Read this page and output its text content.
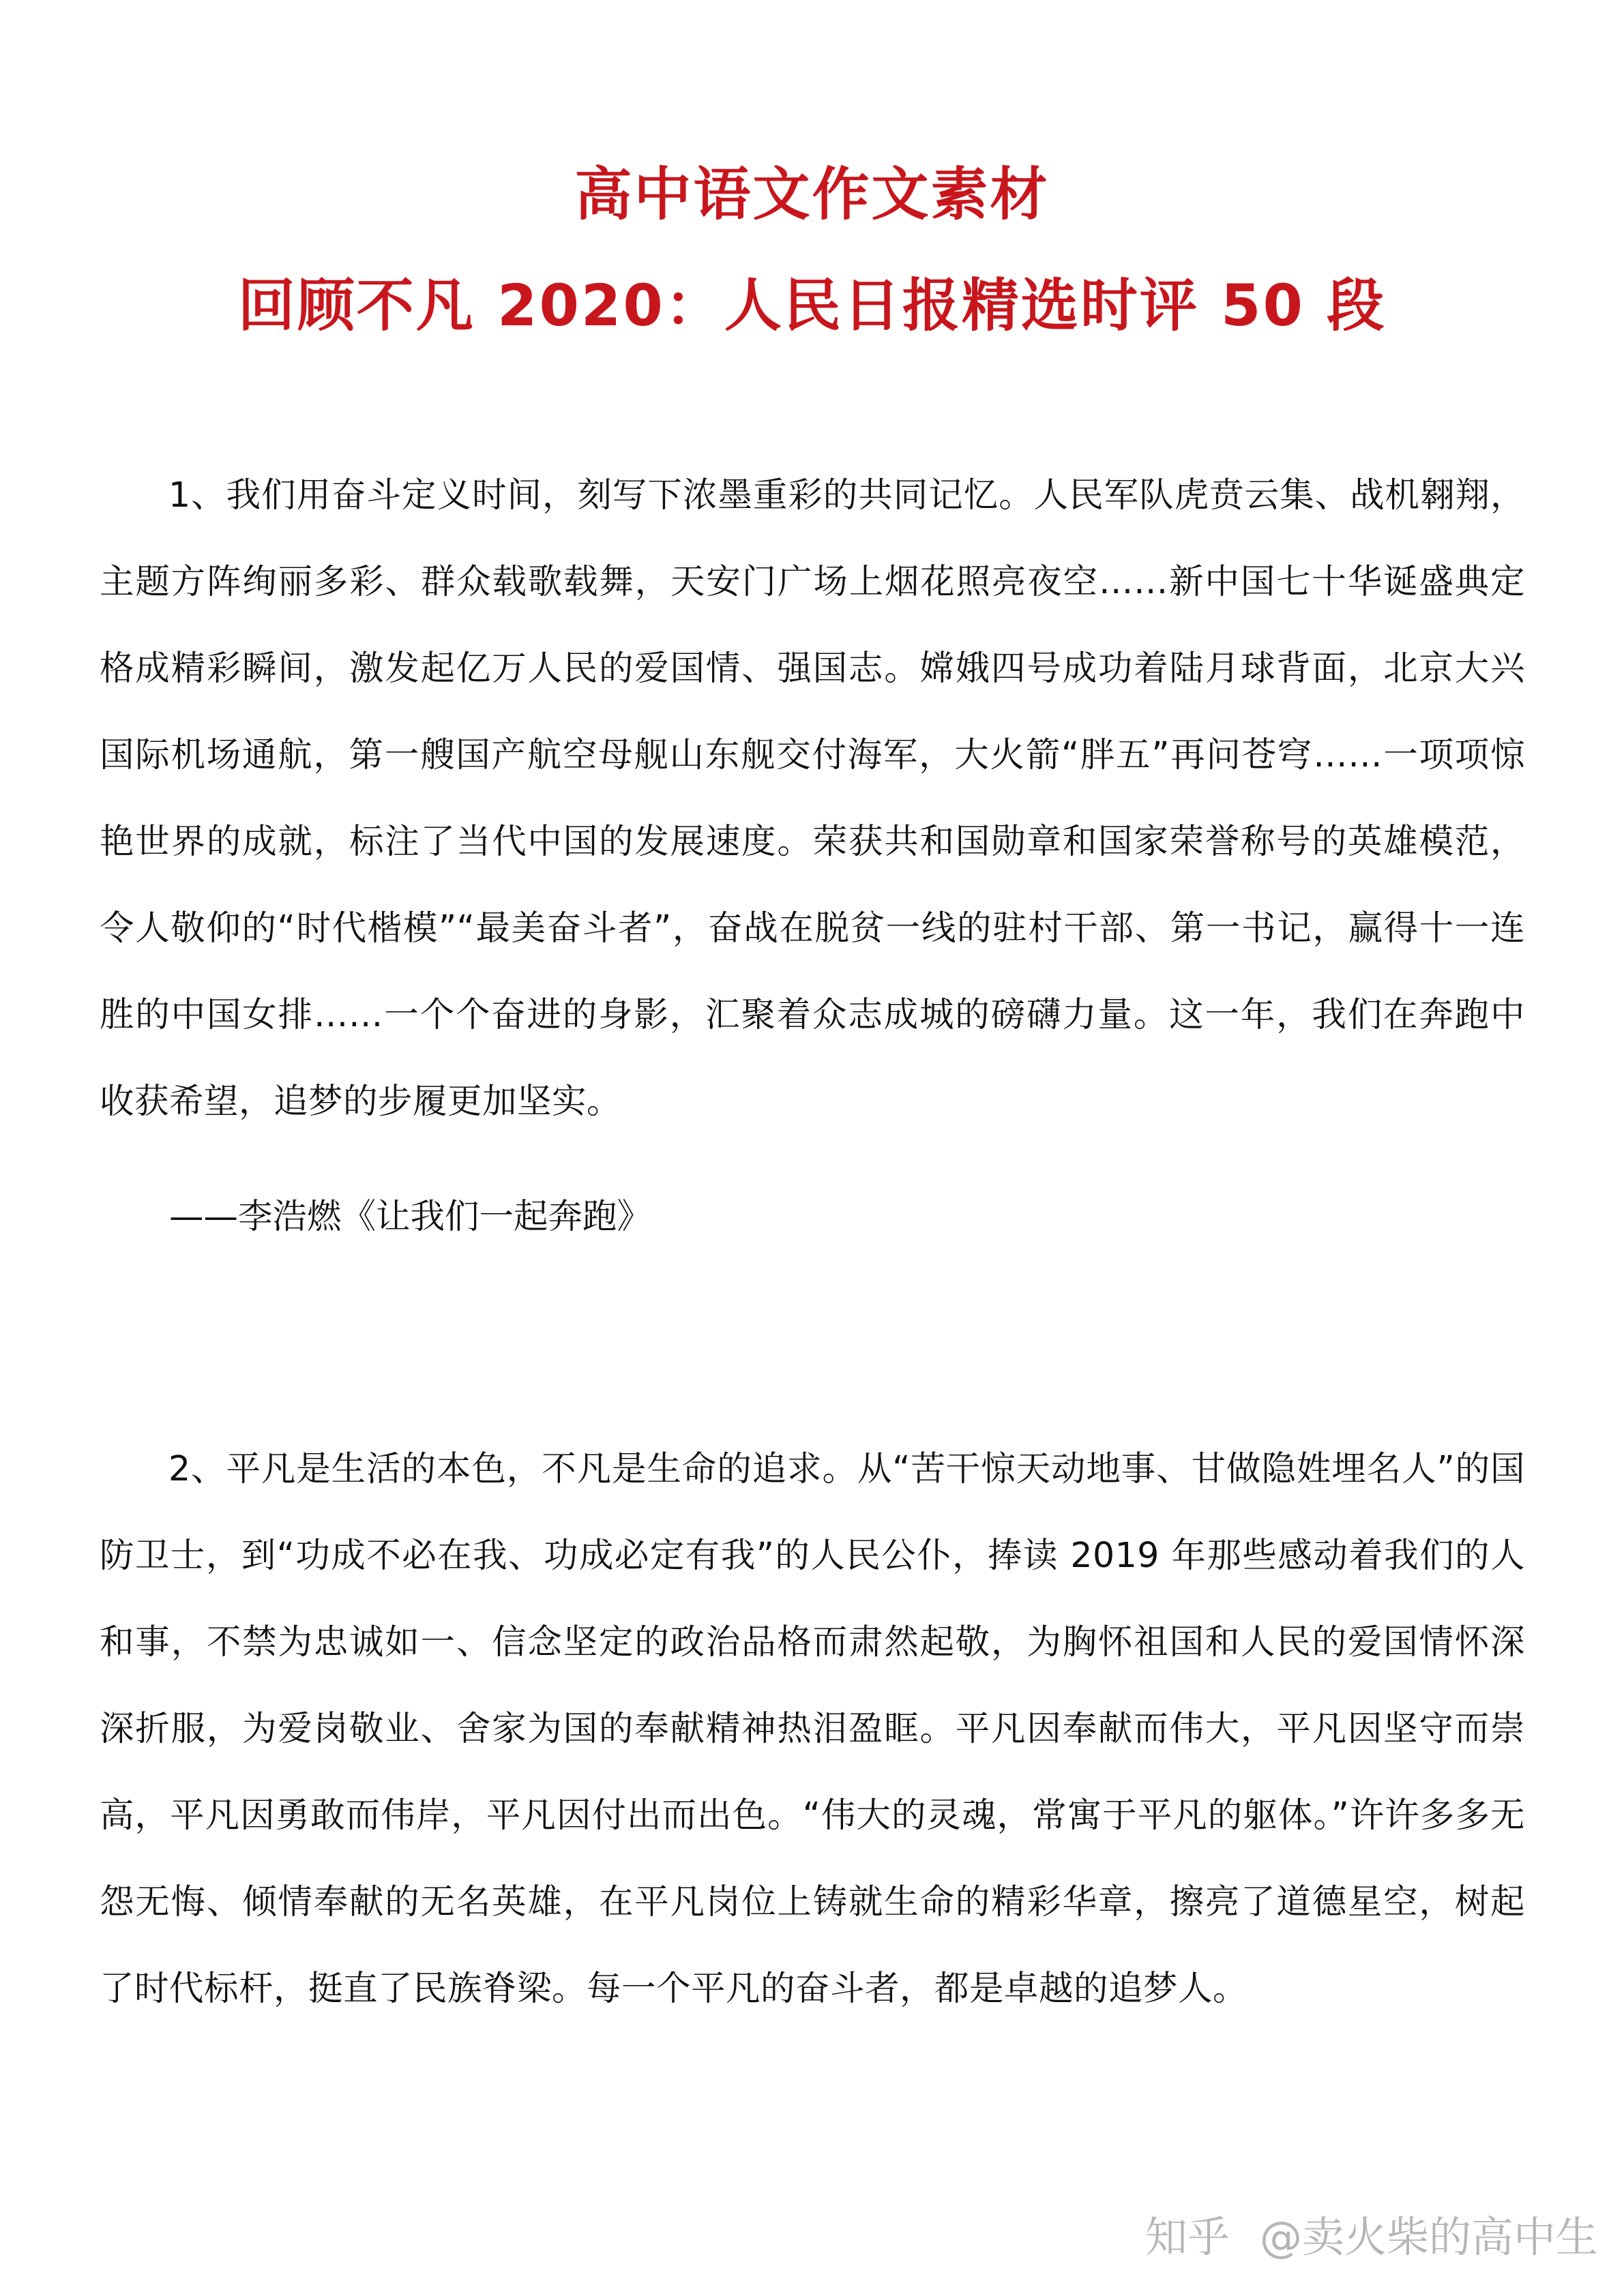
高中语文作文素材
回顾不凡 2020：人民日报精选时评 50 段

1、我们用奋斗定义时间，刻写下浓墨重彩的共同记忆。人民军队虎贲云集、战机翱翔，主题方阵绚丽多彩、群众载歌载舞，天安门广场上烟花照亮夜空……新中国七十华诞盛典定格成精彩瞬间，激发起亿万人民的爱国情、强国志。嫦娥四号成功着陆月球背面，北京大兴国际机场通航，第一艘国产航空母舰山东舰交付海军，大火箭“胖五”再问苍穹……一项项惊艳世界的成就，标注了当代中国的发展速度。荣获共和国勋章和国家荣誉称号的英雄模范，令人敬仰的“时代楷模”“最美奋斗者”，奋战在脱贫一线的驻村干部、第一书记，赢得十一连胜的中国女排……一个个奋进的身影，汇聚着众志成城的磅礴力量。这一年，我们在奔跑中收获希望，追梦的步履更加坚实。

——李浩燃《让我们一起奔跑》

2、平凡是生活的本色，不凡是生命的追求。从“苦干惊天动地事、甘做隐姓埋名人”的国防卫士，到“功成不必在我、功成必定有我”的人民公仆，捧读 2019 年那些感动着我们的人和事，不禁为忠诚如一、信念坚定的政治品格而肃然起敬，为胸怀祖国和人民的爱国情怀深深折服，为爱岗敬业、舍家为国的奉献精神热泪盈眶。平凡因奉献而伟大，平凡因坚守而崇高，平凡因勇敢而伟岸，平凡因付出而出色。“伟大的灵魂，常寓于平凡的躯体。”许许多多无怨无悔、倾情奉献的无名英雄，在平凡岗位上铸就生命的精彩华章，擦亮了道德星空，树起了时代标杆，挺直了民族脊梁。每一个平凡的奋斗者，都是卓越的追梦人。

知乎 @卖火柴的高中生
